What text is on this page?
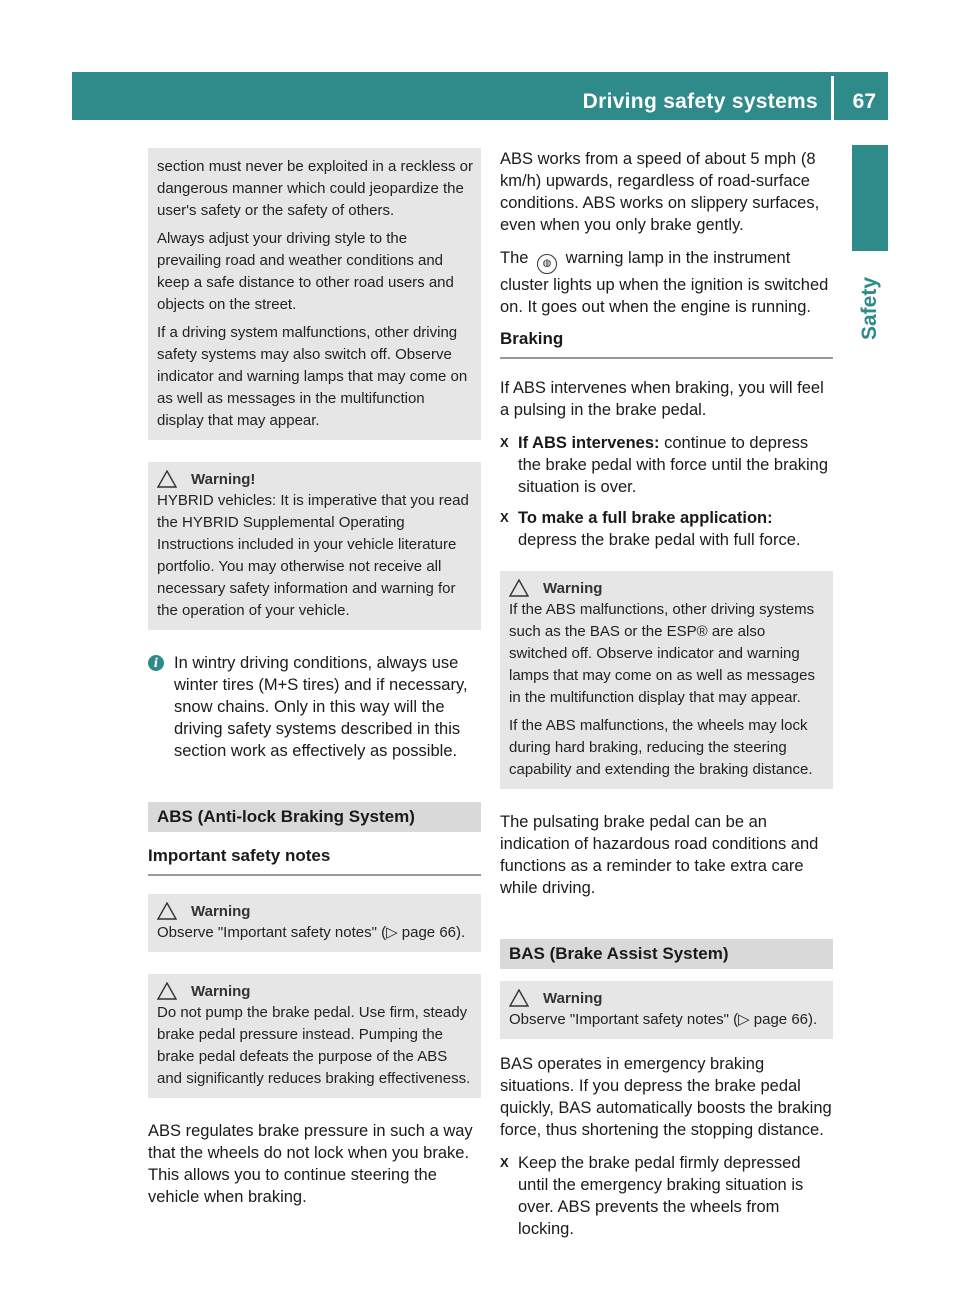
Driving safety systems 67
Safety

section must never be exploited in a reckless or dangerous manner which could jeopardize the user's safety or the safety of others.

Always adjust your driving style to the prevailing road and weather conditions and keep a safe distance to other road users and objects on the street.

If a driving system malfunctions, other driving safety systems may also switch off. Observe indicator and warning lamps that may come on as well as messages in the multifunction display that may appear.

Warning!

HYBRID vehicles: It is imperative that you read the HYBRID Supplemental Operating Instructions included in your vehicle literature portfolio. You may otherwise not receive all necessary safety information and warning for the operation of your vehicle.

i In wintry driving conditions, always use winter tires (M+S tires) and if necessary, snow chains. Only in this way will the driving safety systems described in this section work as effectively as possible.
ABS (Anti-lock Braking System)
Important safety notes
Warning

Observe "Important safety notes" (▷ page 66).

Warning

Do not pump the brake pedal. Use firm, steady brake pedal pressure instead. Pumping the brake pedal defeats the purpose of the ABS and significantly reduces braking effectiveness.

ABS regulates brake pressure in such a way that the wheels do not lock when you brake. This allows you to continue steering the vehicle when braking.

ABS works from a speed of about 5 mph (8 km/h) upwards, regardless of road-surface conditions. ABS works on slippery surfaces, even when you only brake gently.

The ◍ warning lamp in the instrument cluster lights up when the ignition is switched on. It goes out when the engine is running.

Braking

If ABS intervenes when braking, you will feel a pulsing in the brake pedal.

X If ABS intervenes: continue to depress the brake pedal with force until the braking situation is over.
X To make a full brake application: depress the brake pedal with full force.
Warning

If the ABS malfunctions, other driving systems such as the BAS or the ESP® are also switched off. Observe indicator and warning lamps that may come on as well as messages in the multifunction display that may appear.

If the ABS malfunctions, the wheels may lock during hard braking, reducing the steering capability and extending the braking distance.

The pulsating brake pedal can be an indication of hazardous road conditions and functions as a reminder to take extra care while driving.

BAS (Brake Assist System)
Warning

Observe "Important safety notes" (▷ page 66).

BAS operates in emergency braking situations. If you depress the brake pedal quickly, BAS automatically boosts the braking force, thus shortening the stopping distance.

X Keep the brake pedal firmly depressed until the emergency braking situation is over. ABS prevents the wheels from locking.
